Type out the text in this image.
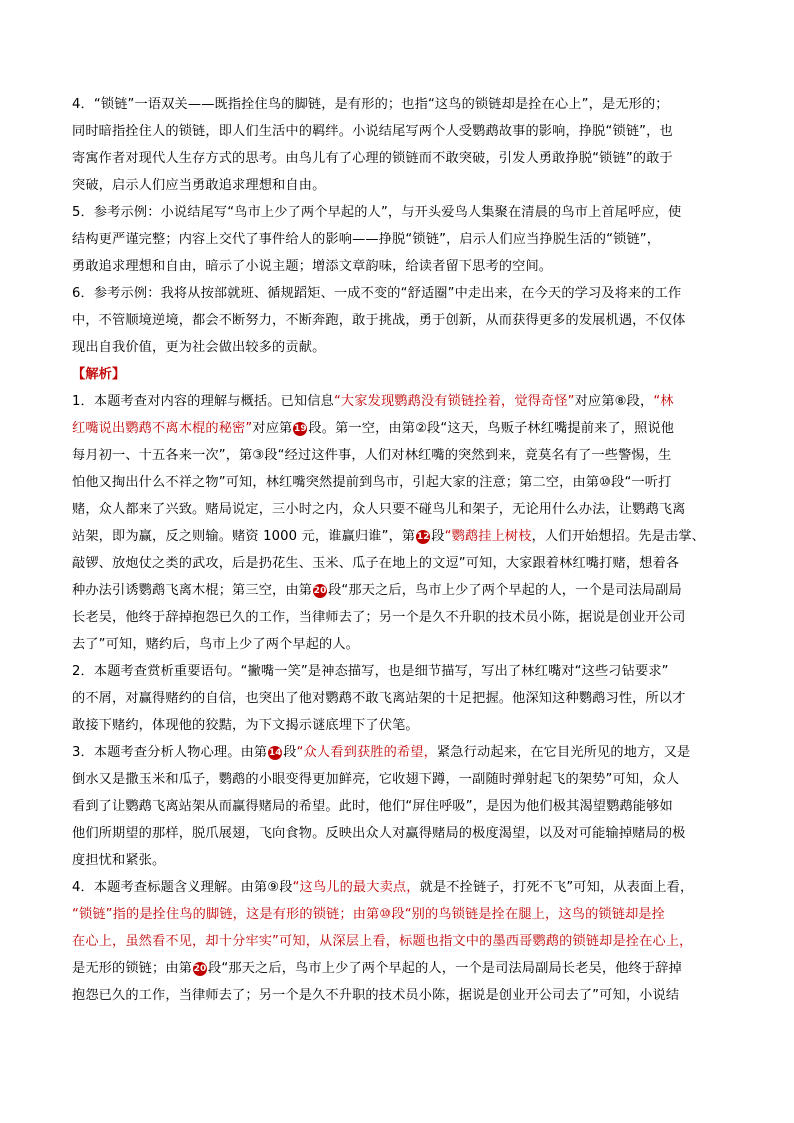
4．“锁链”一语双关——既指拴住鸟的脚链，是有形的；也指“这鸟的锁链却是拴在心上”，是无形的；
同时暗指拴住人的锁链，即人们生活中的羁绊。小说结尾写两个人受鹦鹉故事的影响，挣脱“锁链”，也
寄寓作者对现代人生存方式的思考。由鸟儿有了心理的锁链而不敢突破，引发人勇敢挣脱“锁链”的敢于
突破，启示人们应当勇敢追求理想和自由。
5．参考示例：小说结尾写“鸟市上少了两个早起的人”，与开头爱鸟人集聚在清晨的鸟市上首尾呼应，使
结构更严谨完整；内容上交代了事件给人的影响——挣脱“锁链”，启示人们应当挣脱生活的“锁链”，
勇敢追求理想和自由，暗示了小说主题；增添文章韵味，给读者留下思考的空间。
6．参考示例：我将从按部就班、循规蹈矩、一成不变的“舒适圈”中走出来，在今天的学习及将来的工作
中，不管顺境逆境，都会不断努力，不断奔跑，敢于挑战，勇于创新，从而获得更多的发展机遇，不仅体
现出自我价值，更为社会做出较多的贡献。
【解析】
1．本题考查对内容的理解与概括。已知信息“大家发现鹦鹉没有锁链拴着，觉得奇怪”对应第⑧段，“林
红嘴说出鹦鹉不离木棍的秘密”对应第 19 段。第一空，由第②段“这天，鸟贩子林红嘴提前来了，照说他
每月初一、十五各来一次”，第③段“经过这件事，人们对林红嘴的突然到来，竟莫名有了一些警惕，生
怕他又掏出什么不祥之物”可知，林红嘴突然提前到鸟市，引起大家的注意；第二空，由第⑩段“一听打
赌，众人都来了兴致。赌局说定，三小时之内，众人只要不碰鸟儿和架子，无论用什么办法，让鹦鹉飞离
站架，即为赢，反之则输。赌资 1000 元，谁赢归谁”，第 12 段“鹦鹉挂上树枝，人们开始想招。先是击掌、
敲锣、放炮仗之类的武攻，后是扔花生、玉米、瓜子在地上的文逗”可知，大家跟着林红嘴打赌，想着各
种办法引诱鹦鹉飞离木棍；第三空，由第 20 段“那天之后，鸟市上少了两个早起的人，一个是司法局副局
长老吴，他终于辞掉抱怨已久的工作，当律师去了；另一个是久不升职的技术员小陈，据说是创业开公司
去了”可知，赌约后，鸟市上少了两个早起的人。
2．本题考查赏析重要语句。“撇嘴一笑”是神态描写，也是细节描写，写出了林红嘴对“这些刁钻要求”
的不屑，对赢得赌约的自信，也突出了他对鹦鹉不敢飞离站架的十足把握。他深知这种鹦鹉习性，所以才
敢接下赌约，体现他的狡黠，为下文揭示谜底埋下了伏笔。
3．本题考查分析人物心理。由第 14 段“众人看到获胜的希望，紧急行动起来，在它目光所见的地方，又是
倒水又是撒玉米和瓜子，鹦鹉的小眼变得更加鲜亮，它收翅下蹲，一副随时弹射起飞的架势”可知，众人
看到了让鹦鹉飞离站架从而赢得赌局的希望。此时，他们“屏住呼吸”，是因为他们极其渴望鹦鹉能够如
他们所期望的那样，脱爪展翅，飞向食物。反映出众人对赢得赌局的极度渴望，以及对可能输掉赌局的极
度担忧和紧张。
4．本题考查标题含义理解。由第⑨段“这鸟儿的最大卖点，就是不拴链子，打死不飞”可知，从表面上看，
“锁链”指的是拴住鸟的脚链，这是有形的锁链；由第⑩段“别的鸟锁链是拴在腿上，这鸟的锁链却是拴
在心上，虽然看不见，却十分牢实”可知，从深层上看，标题也指文中的墨西哥鹦鹉的锁链却是拴在心上，
是无形的锁链；由第 20 段“那天之后，鸟市上少了两个早起的人，一个是司法局副局长老吴，他终于辞掉
抱怨已久的工作，当律师去了；另一个是久不升职的技术员小陈，据说是创业开公司去了”可知，小说结
